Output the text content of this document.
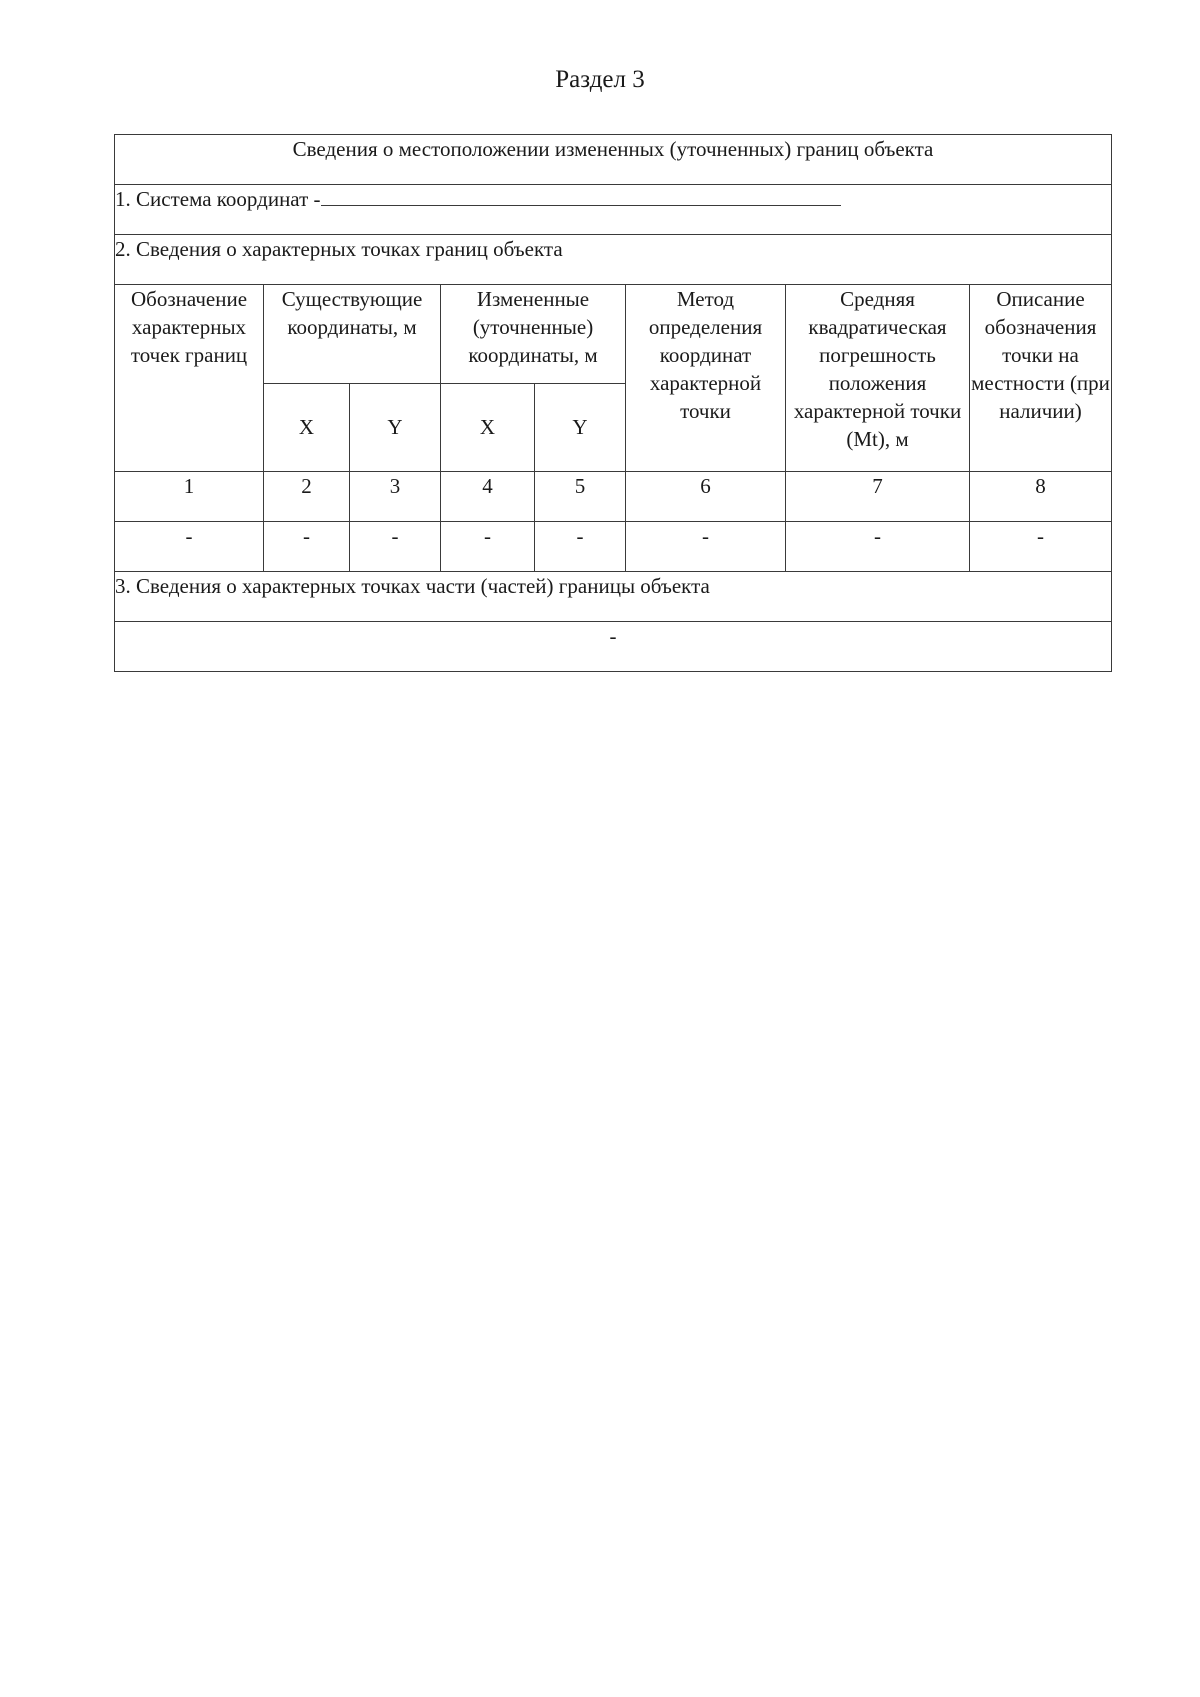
Раздел 3
Сведения о местоположении измененных (уточненных) границ объекта							
1. Система координат -							
2. Сведения о характерных точках границ объекта							
Обозначение характерных точек границ	Существующие координаты, м		Измененные (уточненные) координаты, м		Метод определения координат характерной точки	Средняя квадратическая погрешность положения характерной точки (Mt), м	Описание обозначения точки на местности (при наличии)
	X	Y	X	Y			
1	2	3	4	5	6	7	8
-	-	-	-	-	-	-	-
3. Сведения о характерных точках части (частей) границы объекта							
-							
